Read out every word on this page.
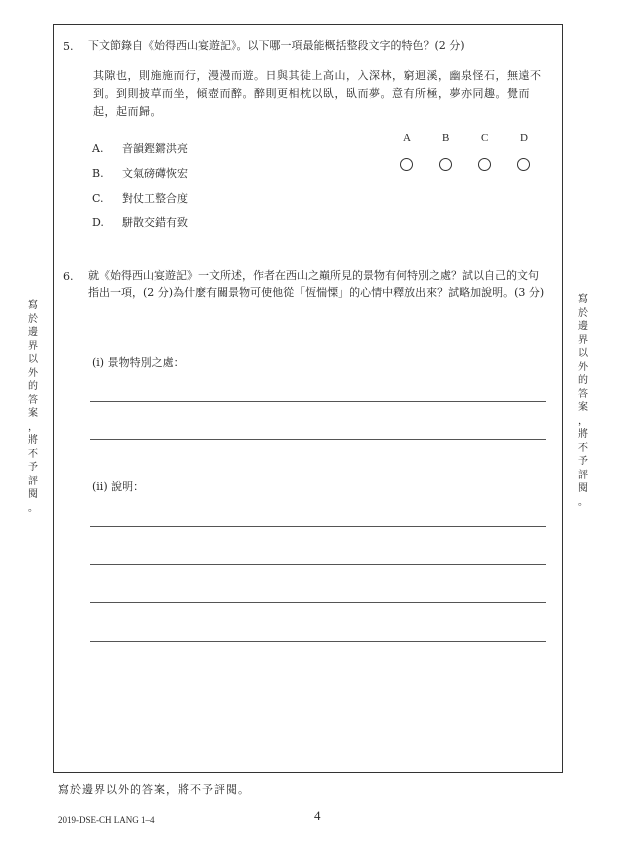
5. 下文節錄自《始得西山宴遊記》。以下哪一項最能概括整段文字的特色？(2 分)
其隙也，則施施而行，漫漫而遊。日與其徒上高山，入深林，窮迴溪，幽泉怪石，無遠不到。到則披草而坐，傾壺而醉。醉則更相枕以臥，臥而夢。意有所極，夢亦同趣。覺而起，起而歸。
A. 音韻鏗鏘洪亮
B. 文氣磅礡恢宏
C. 對仗工整合度
D. 駢散交錯有致
A	B	C	D
6. 就《始得西山宴遊記》一文所述，作者在西山之巔所見的景物有何特別之處？試以自己的文句指出一項，(2 分)為什麼有關景物可使他從「恆惴慄」的心情中釋放出來？試略加說明。(3 分)
(i) 景物特別之處：
(ii) 說明：
寫
於
邊
界
以
外
的
答
案
，
將
不
予
評
閱
。
寫
於
邊
界
以
外
的
答
案
，
將
不
予
評
閱
。
寫於邊界以外的答案，將不予評閱。
4
2019-DSE-CH LANG 1–4
